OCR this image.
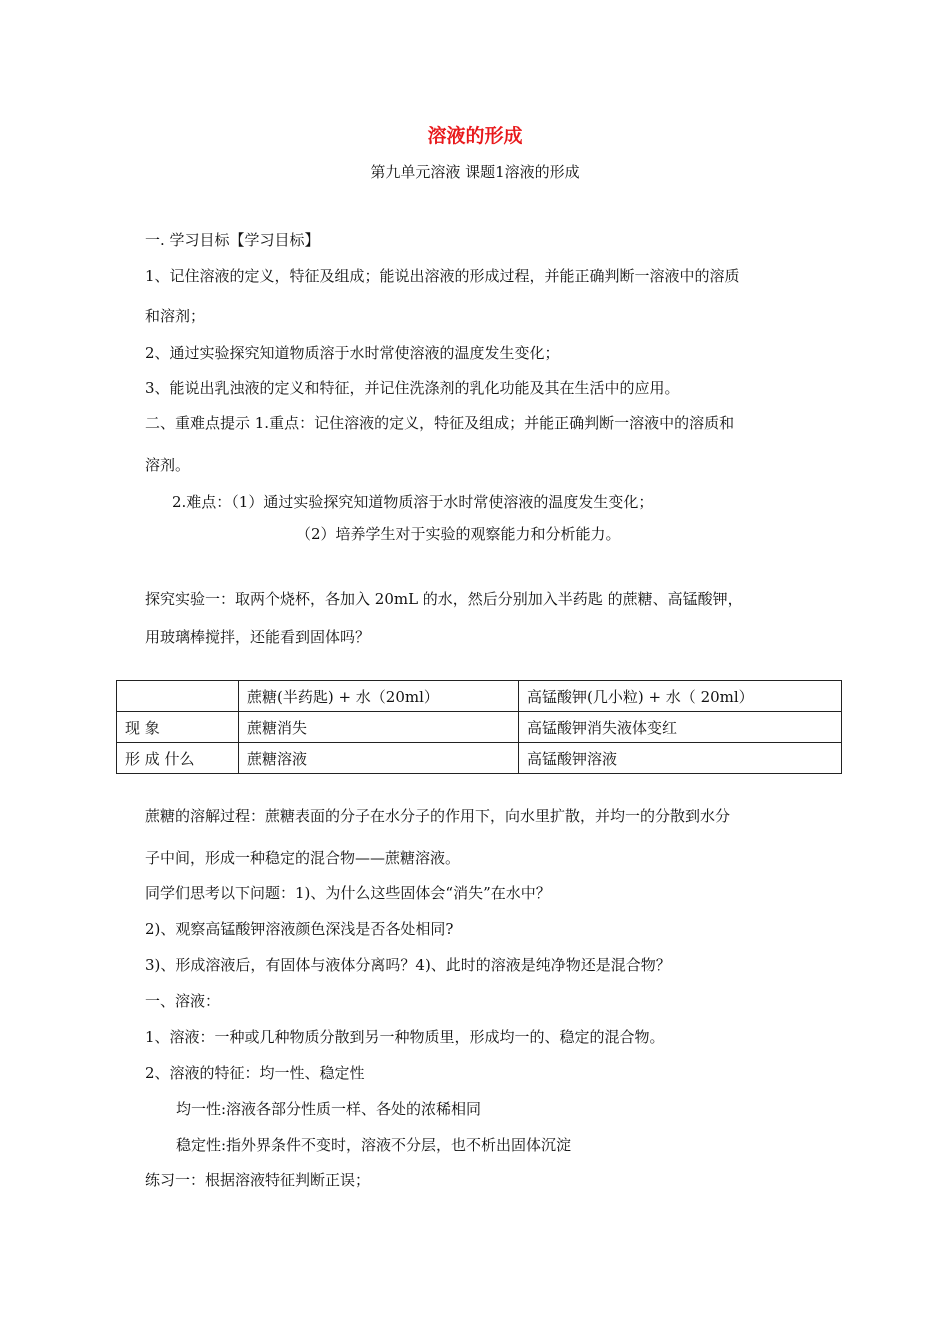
溶液的形成
第九单元溶液 课题1溶液的形成
一. 学习目标【学习目标】
1、记住溶液的定义，特征及组成；能说出溶液的形成过程，并能正确判断一溶液中的溶质
和溶剂；
2、通过实验探究知道物质溶于水时常使溶液的温度发生变化；
3、能说出乳浊液的定义和特征，并记住洗涤剂的乳化功能及其在生活中的应用。
二、重难点提示 1.重点：记住溶液的定义，特征及组成；并能正确判断一溶液中的溶质和
溶剂。
2.难点：（1）通过实验探究知道物质溶于水时常使溶液的温度发生变化；
（2）培养学生对于实验的观察能力和分析能力。
探究实验一：取两个烧杯，各加入 20mL 的水，然后分别加入半药匙 的蔗糖、高锰酸钾，
用玻璃棒搅拌，还能看到固体吗？
	蔗糖(半药匙) + 水（20ml）	高锰酸钾(几小粒) + 水（ 20ml）
现 象	蔗糖消失	高锰酸钾消失液体变红
形 成 什么	蔗糖溶液	高锰酸钾溶液
蔗糖的溶解过程：蔗糖表面的分子在水分子的作用下，向水里扩散，并均一的分散到水分
子中间，形成一种稳定的混合物——蔗糖溶液。
同学们思考以下问题：1)、为什么这些固体会“消失”在水中？
2)、观察高锰酸钾溶液颜色深浅是否各处相同?
3)、形成溶液后，有固体与液体分离吗？4)、此时的溶液是纯净物还是混合物？
一、溶液：
1、溶液：一种或几种物质分散到另一种物质里，形成均一的、稳定的混合物。
2、溶液的特征：均一性、稳定性
均一性:溶液各部分性质一样、各处的浓稀相同
稳定性:指外界条件不变时，溶液不分层，也不析出固体沉淀
练习一：根据溶液特征判断正误；
